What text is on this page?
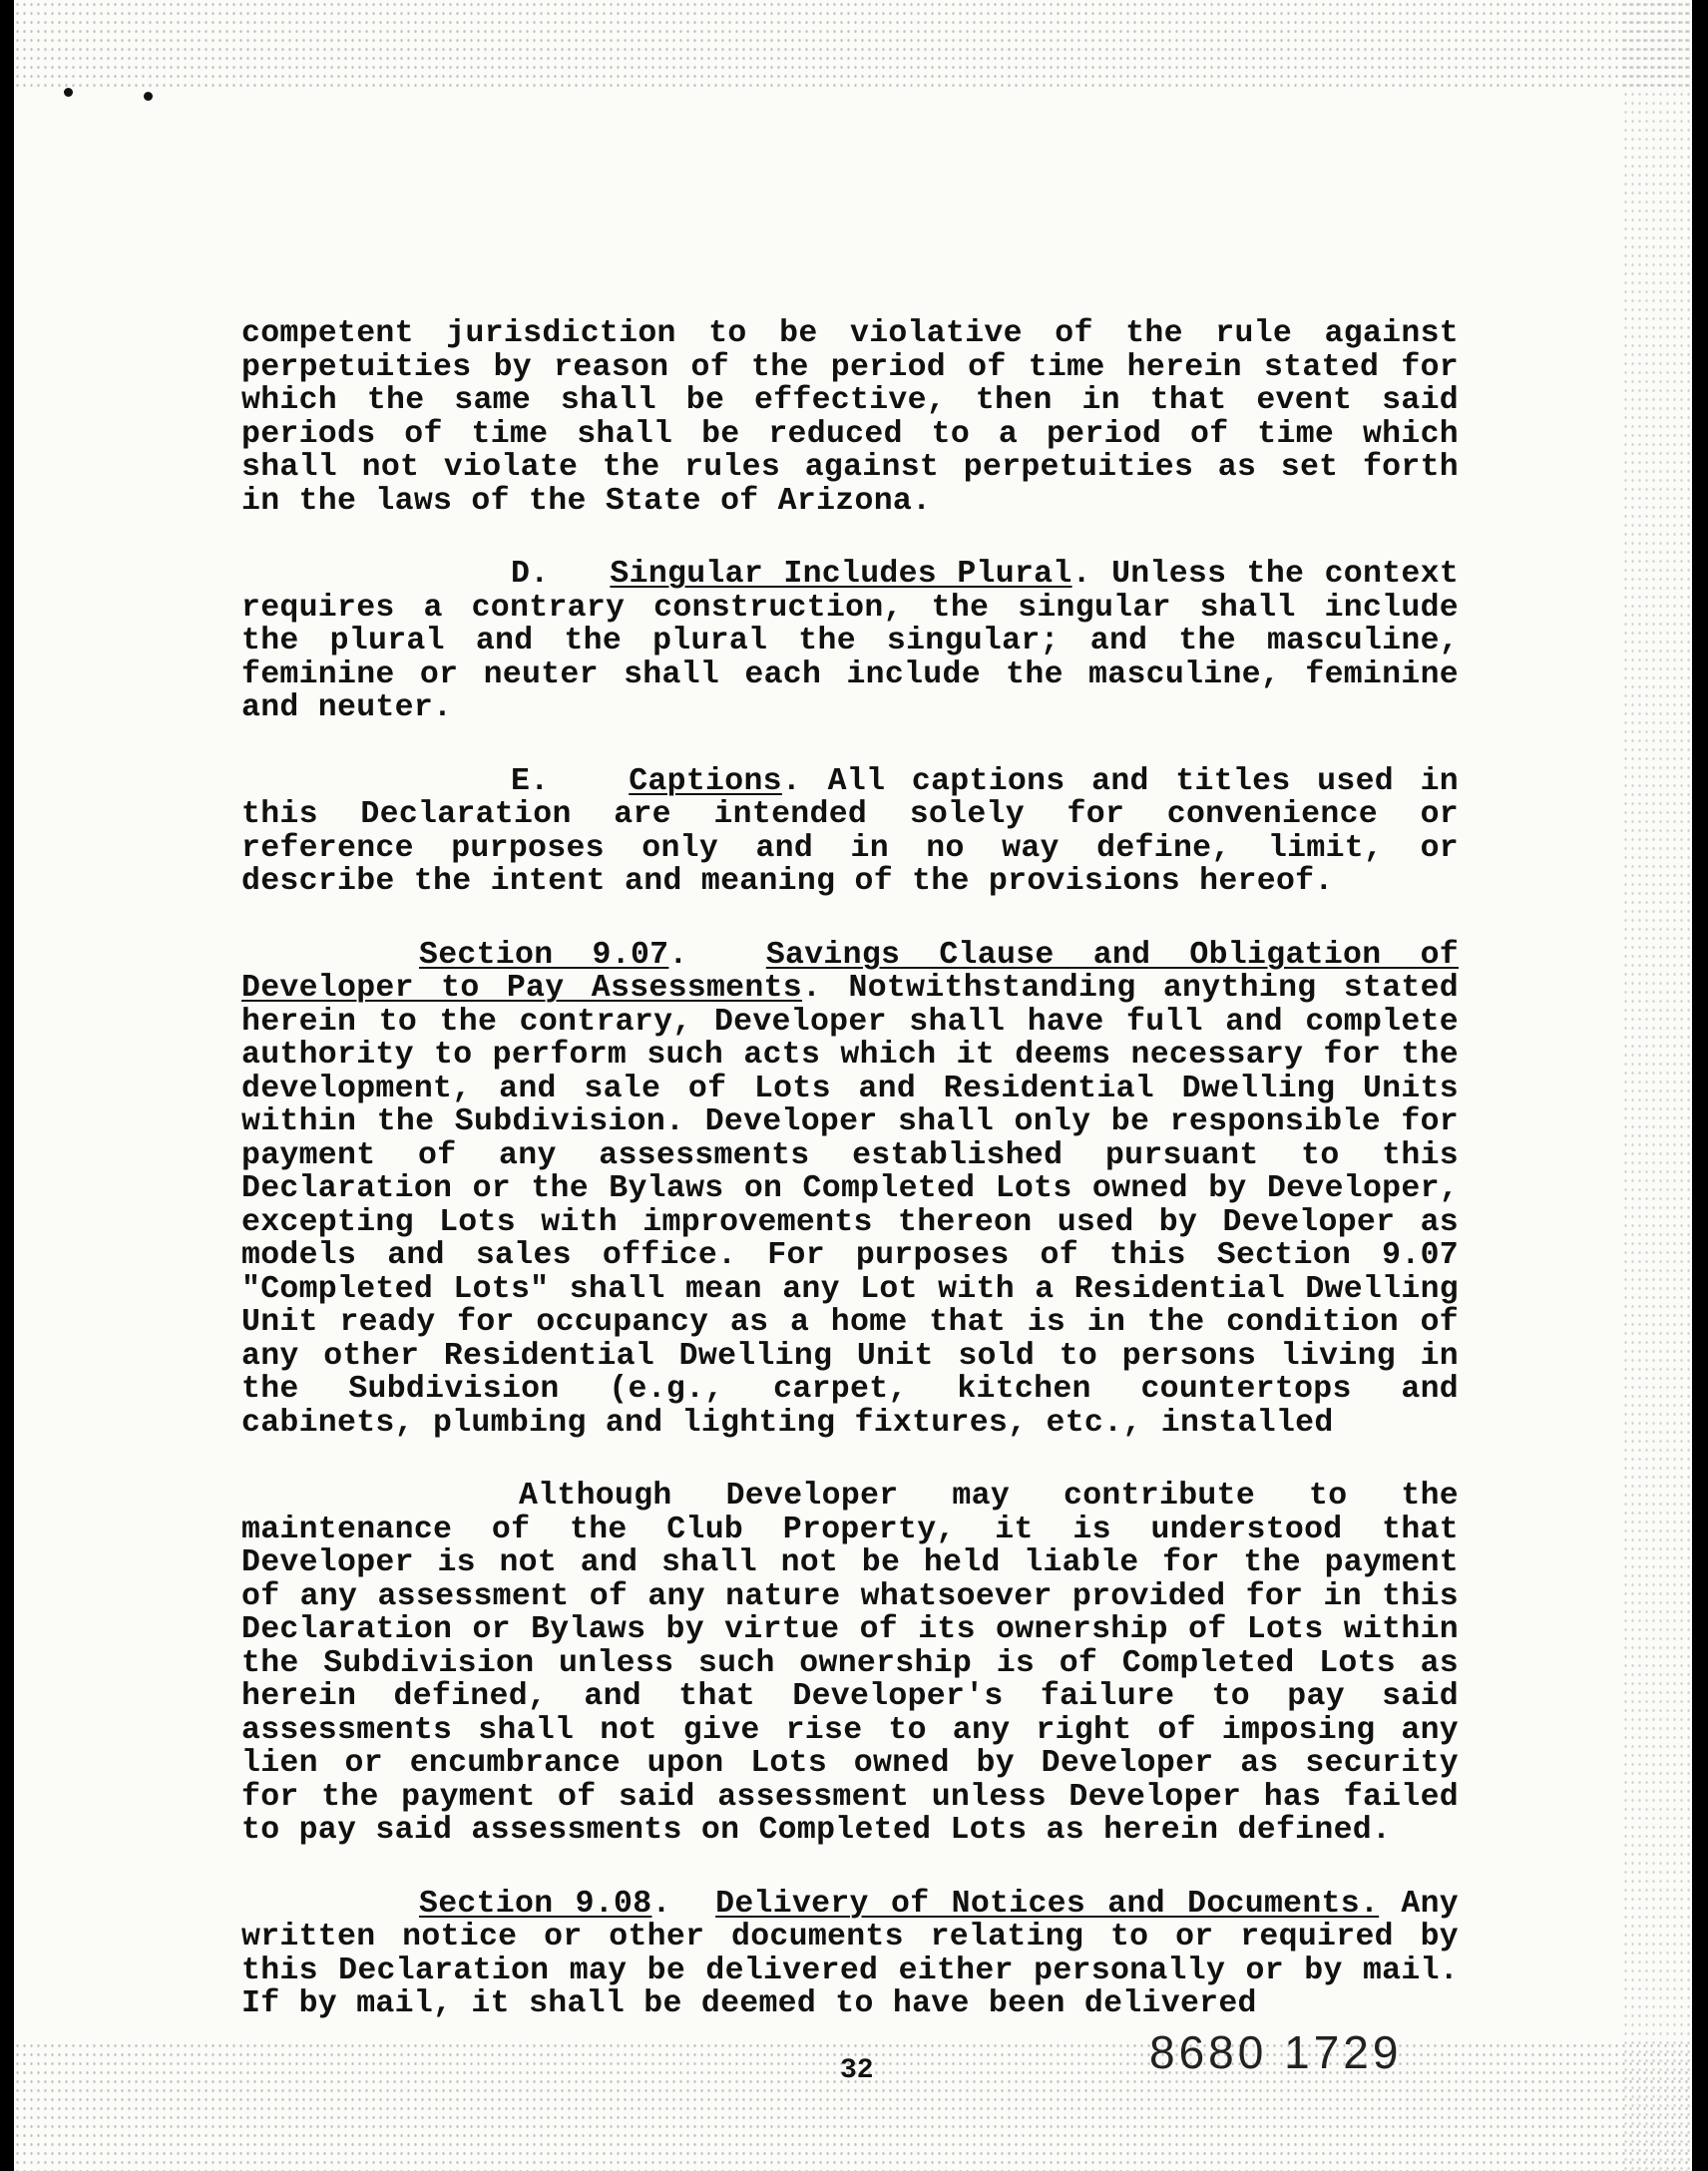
competent jurisdiction to be violative of the rule against perpetuities by reason of the period of time herein stated for which the same shall be effective, then in that event said periods of time shall be reduced to a period of time which shall not violate the rules against perpetuities as set forth in the laws of the State of Arizona.

D. Singular Includes Plural. Unless the context requires a contrary construction, the singular shall include the plural and the plural the singular; and the masculine, feminine or neuter shall each include the masculine, feminine and neuter.

E.	Captions. All captions and titles used in this Declaration are intended solely for convenience or reference purposes only and in no way define, limit, or describe the intent and meaning of the provisions hereof.

Section 9.07.  Savings Clause and Obligation of Developer to Pay Assessments. Notwithstanding anything stated herein to the contrary, Developer shall have full and complete authority to perform such acts which it deems necessary for the development, and sale of Lots and Residential Dwelling Units within the Subdivision. Developer shall only be responsible for payment of any assessments established pursuant to this Declaration or the Bylaws on Completed Lots owned by Developer, excepting Lots with improvements thereon used by Developer as models and sales office. For purposes of this Section 9.07 "Completed Lots" shall mean any Lot with a Residential Dwelling Unit ready for occupancy as a home that is in the condition of any other Residential Dwelling Unit sold to persons living in the Subdivision (e.g., carpet, kitchen countertops and cabinets, plumbing and lighting fixtures, etc., installed

Although Developer may contribute to the maintenance of the Club Property, it is understood that Developer is not and shall not be held liable for the payment of any assessment of any nature whatsoever provided for in this Declaration or Bylaws by virtue of its ownership of Lots within the Subdivision unless such ownership is of Completed Lots as herein defined, and that Developer's failure to pay said assessments shall not give rise to any right of imposing any lien or encumbrance upon Lots owned by Developer as security for the payment of said assessment unless Developer has failed to pay said assessments on Completed Lots as herein defined.

Section 9.08.  Delivery of Notices and Documents. Any written notice or other documents relating to or required by this Declaration may be delivered either personally or by mail. If by mail, it shall be deemed to have been delivered

32	8680 1729
